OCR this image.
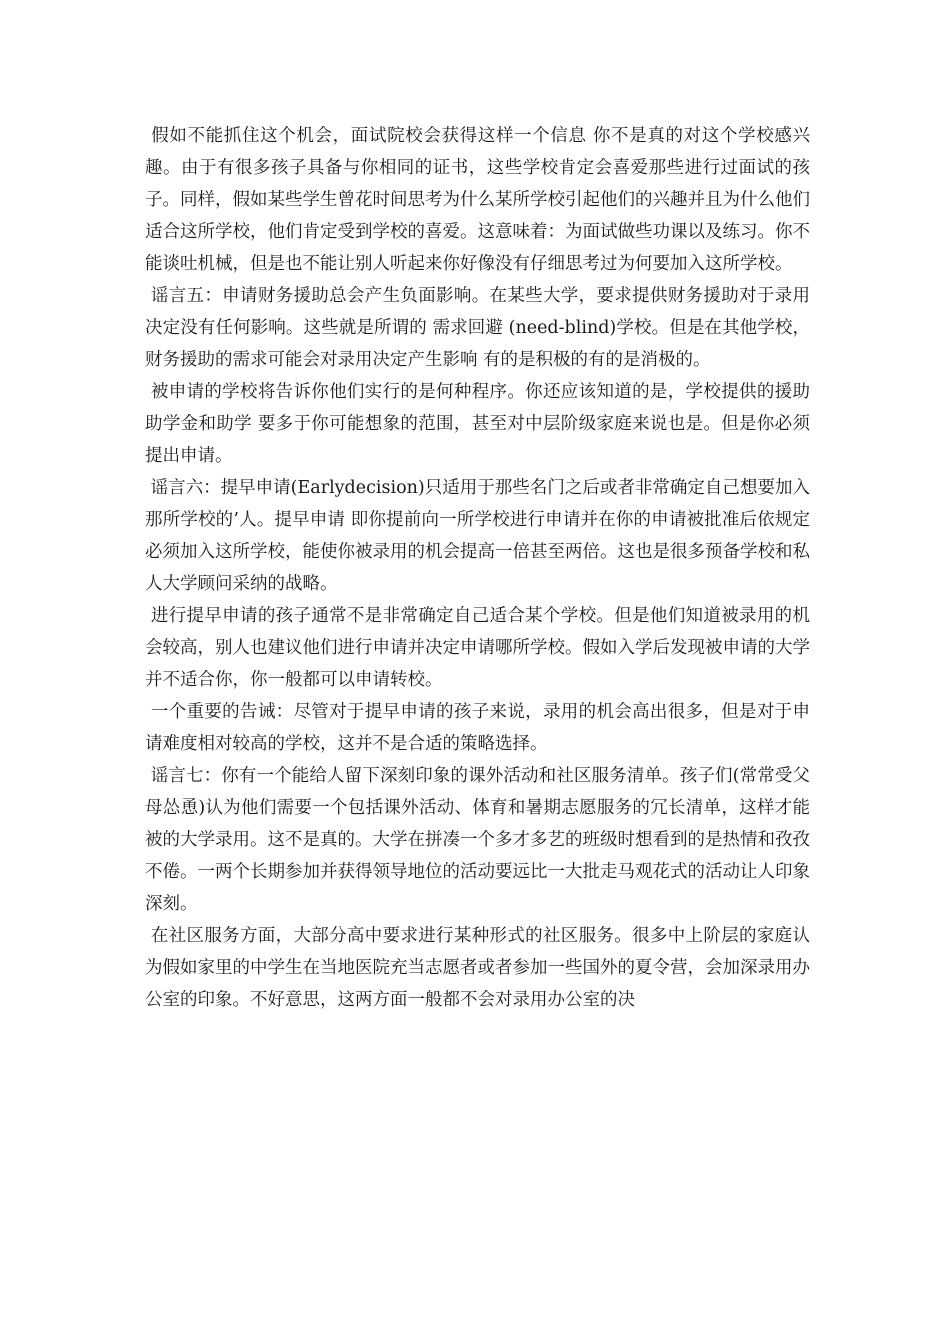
假如不能抓住这个机会，面试院校会获得这样一个信息 你不是真的对这个学校感兴趣。由于有很多孩子具备与你相同的证书，这些学校肯定会喜爱那些进行过面试的孩子。同样，假如某些学生曾花时间思考为什么某所学校引起他们的兴趣并且为什么他们适合这所学校，他们肯定受到学校的喜爱。这意味着：为面试做些功课以及练习。你不能谈吐机械，但是也不能让别人听起来你好像没有仔细思考过为何要加入这所学校。

谣言五：申请财务援助总会产生负面影响。在某些大学，要求提供财务援助对于录用决定没有任何影响。这些就是所谓的 需求回避 (need-blind)学校。但是在其他学校，财务援助的需求可能会对录用决定产生影响 有的是积极的有的是消极的。

被申请的学校将告诉你他们实行的是何种程序。你还应该知道的是，学校提供的援助 助学金和助学 要多于你可能想象的范围，甚至对中层阶级家庭来说也是。但是你必须提出申请。

谣言六：提早申请(Earlydecision)只适用于那些名门之后或者非常确定自己想要加入那所学校的’人。提早申请 即你提前向一所学校进行申请并在你的申请被批准后依规定必须加入这所学校，能使你被录用的机会提高一倍甚至两倍。这也是很多预备学校和私人大学顾问采纳的战略。

进行提早申请的孩子通常不是非常确定自己适合某个学校。但是他们知道被录用的机会较高，别人也建议他们进行申请并决定申请哪所学校。假如入学后发现被申请的大学并不适合你，你一般都可以申请转校。

一个重要的告诫：尽管对于提早申请的孩子来说，录用的机会高出很多，但是对于申请难度相对较高的学校，这并不是合适的策略选择。

谣言七：你有一个能给人留下深刻印象的课外活动和社区服务清单。孩子们(常常受父母怂恿)认为他们需要一个包括课外活动、体育和暑期志愿服务的冗长清单，这样才能被的大学录用。这不是真的。大学在拼凑一个多才多艺的班级时想看到的是热情和孜孜不倦。一两个长期参加并获得领导地位的活动要远比一大批走马观花式的活动让人印象深刻。

在社区服务方面，大部分高中要求进行某种形式的社区服务。很多中上阶层的家庭认为假如家里的中学生在当地医院充当志愿者或者参加一些国外的夏令营，会加深录用办公室的印象。不好意思，这两方面一般都不会对录用办公室的决
